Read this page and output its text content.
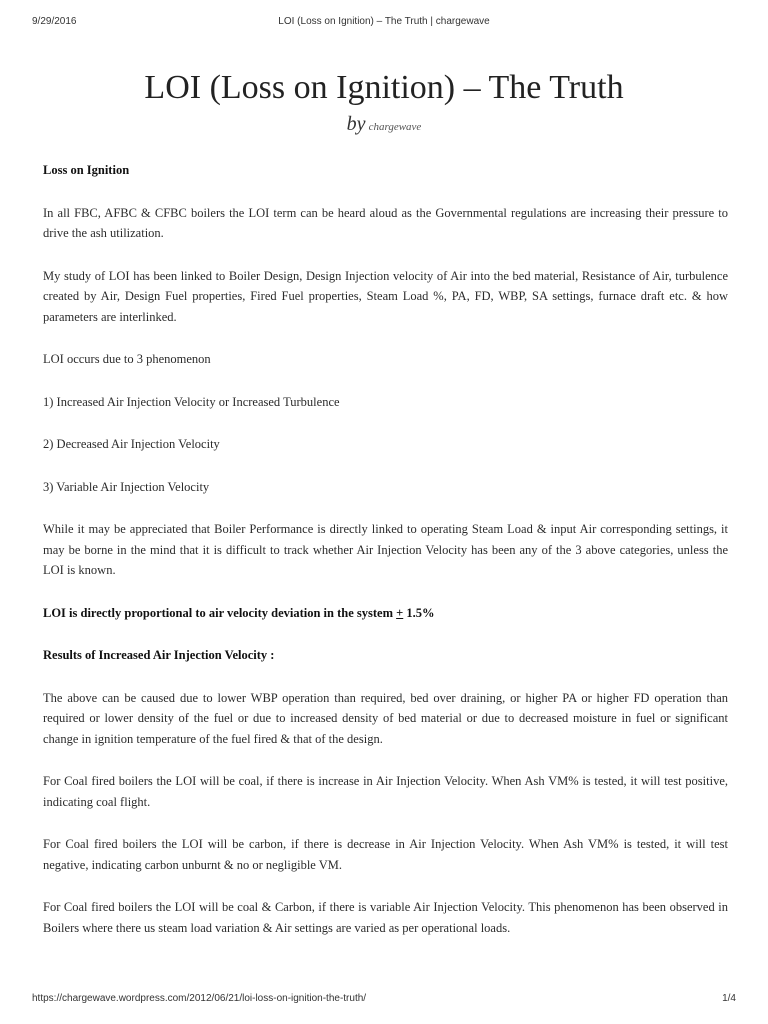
9/29/2016	LOI (Loss on Ignition) – The Truth | chargewave
LOI (Loss on Ignition) – The Truth
by chargewave

Loss on Ignition

In all FBC, AFBC & CFBC boilers the LOI term can be heard aloud as the Governmental regulations are increasing their pressure to drive the ash utilization.

My study of LOI has been linked to Boiler Design, Design Injection velocity of Air into the bed material, Resistance of Air, turbulence created by Air, Design Fuel properties, Fired Fuel properties, Steam Load %, PA, FD, WBP, SA settings, furnace draft etc. & how parameters are interlinked.

LOI occurs due to 3 phenomenon

1) Increased Air Injection Velocity or Increased Turbulence

2) Decreased Air Injection Velocity

3) Variable Air Injection Velocity

While it may be appreciated that Boiler Performance is directly linked to operating Steam Load & input Air corresponding settings, it may be borne in the mind that it is difficult to track whether Air Injection Velocity has been any of the 3 above categories, unless the LOI is known.

LOI is directly proportional to air velocity deviation in the system + 1.5%

Results of Increased Air Injection Velocity :

The above can be caused due to lower WBP operation than required, bed over draining, or higher PA or higher FD operation than required or lower density of the fuel or due to increased density of bed material or due to decreased moisture in fuel or significant change in ignition temperature of the fuel fired & that of the design.

For Coal fired boilers the LOI will be coal, if there is increase in Air Injection Velocity. When Ash VM% is tested, it will test positive, indicating coal flight.

For Coal fired boilers the LOI will be carbon, if there is decrease in Air Injection Velocity. When Ash VM% is tested, it will test negative, indicating carbon unburnt & no or negligible VM.

For Coal fired boilers the LOI will be coal & Carbon, if there is variable Air Injection Velocity. This phenomenon has been observed in Boilers where there us steam load variation & Air settings are varied as per operational loads.

https://chargewave.wordpress.com/2012/06/21/loi-loss-on-ignition-the-truth/	1/4
